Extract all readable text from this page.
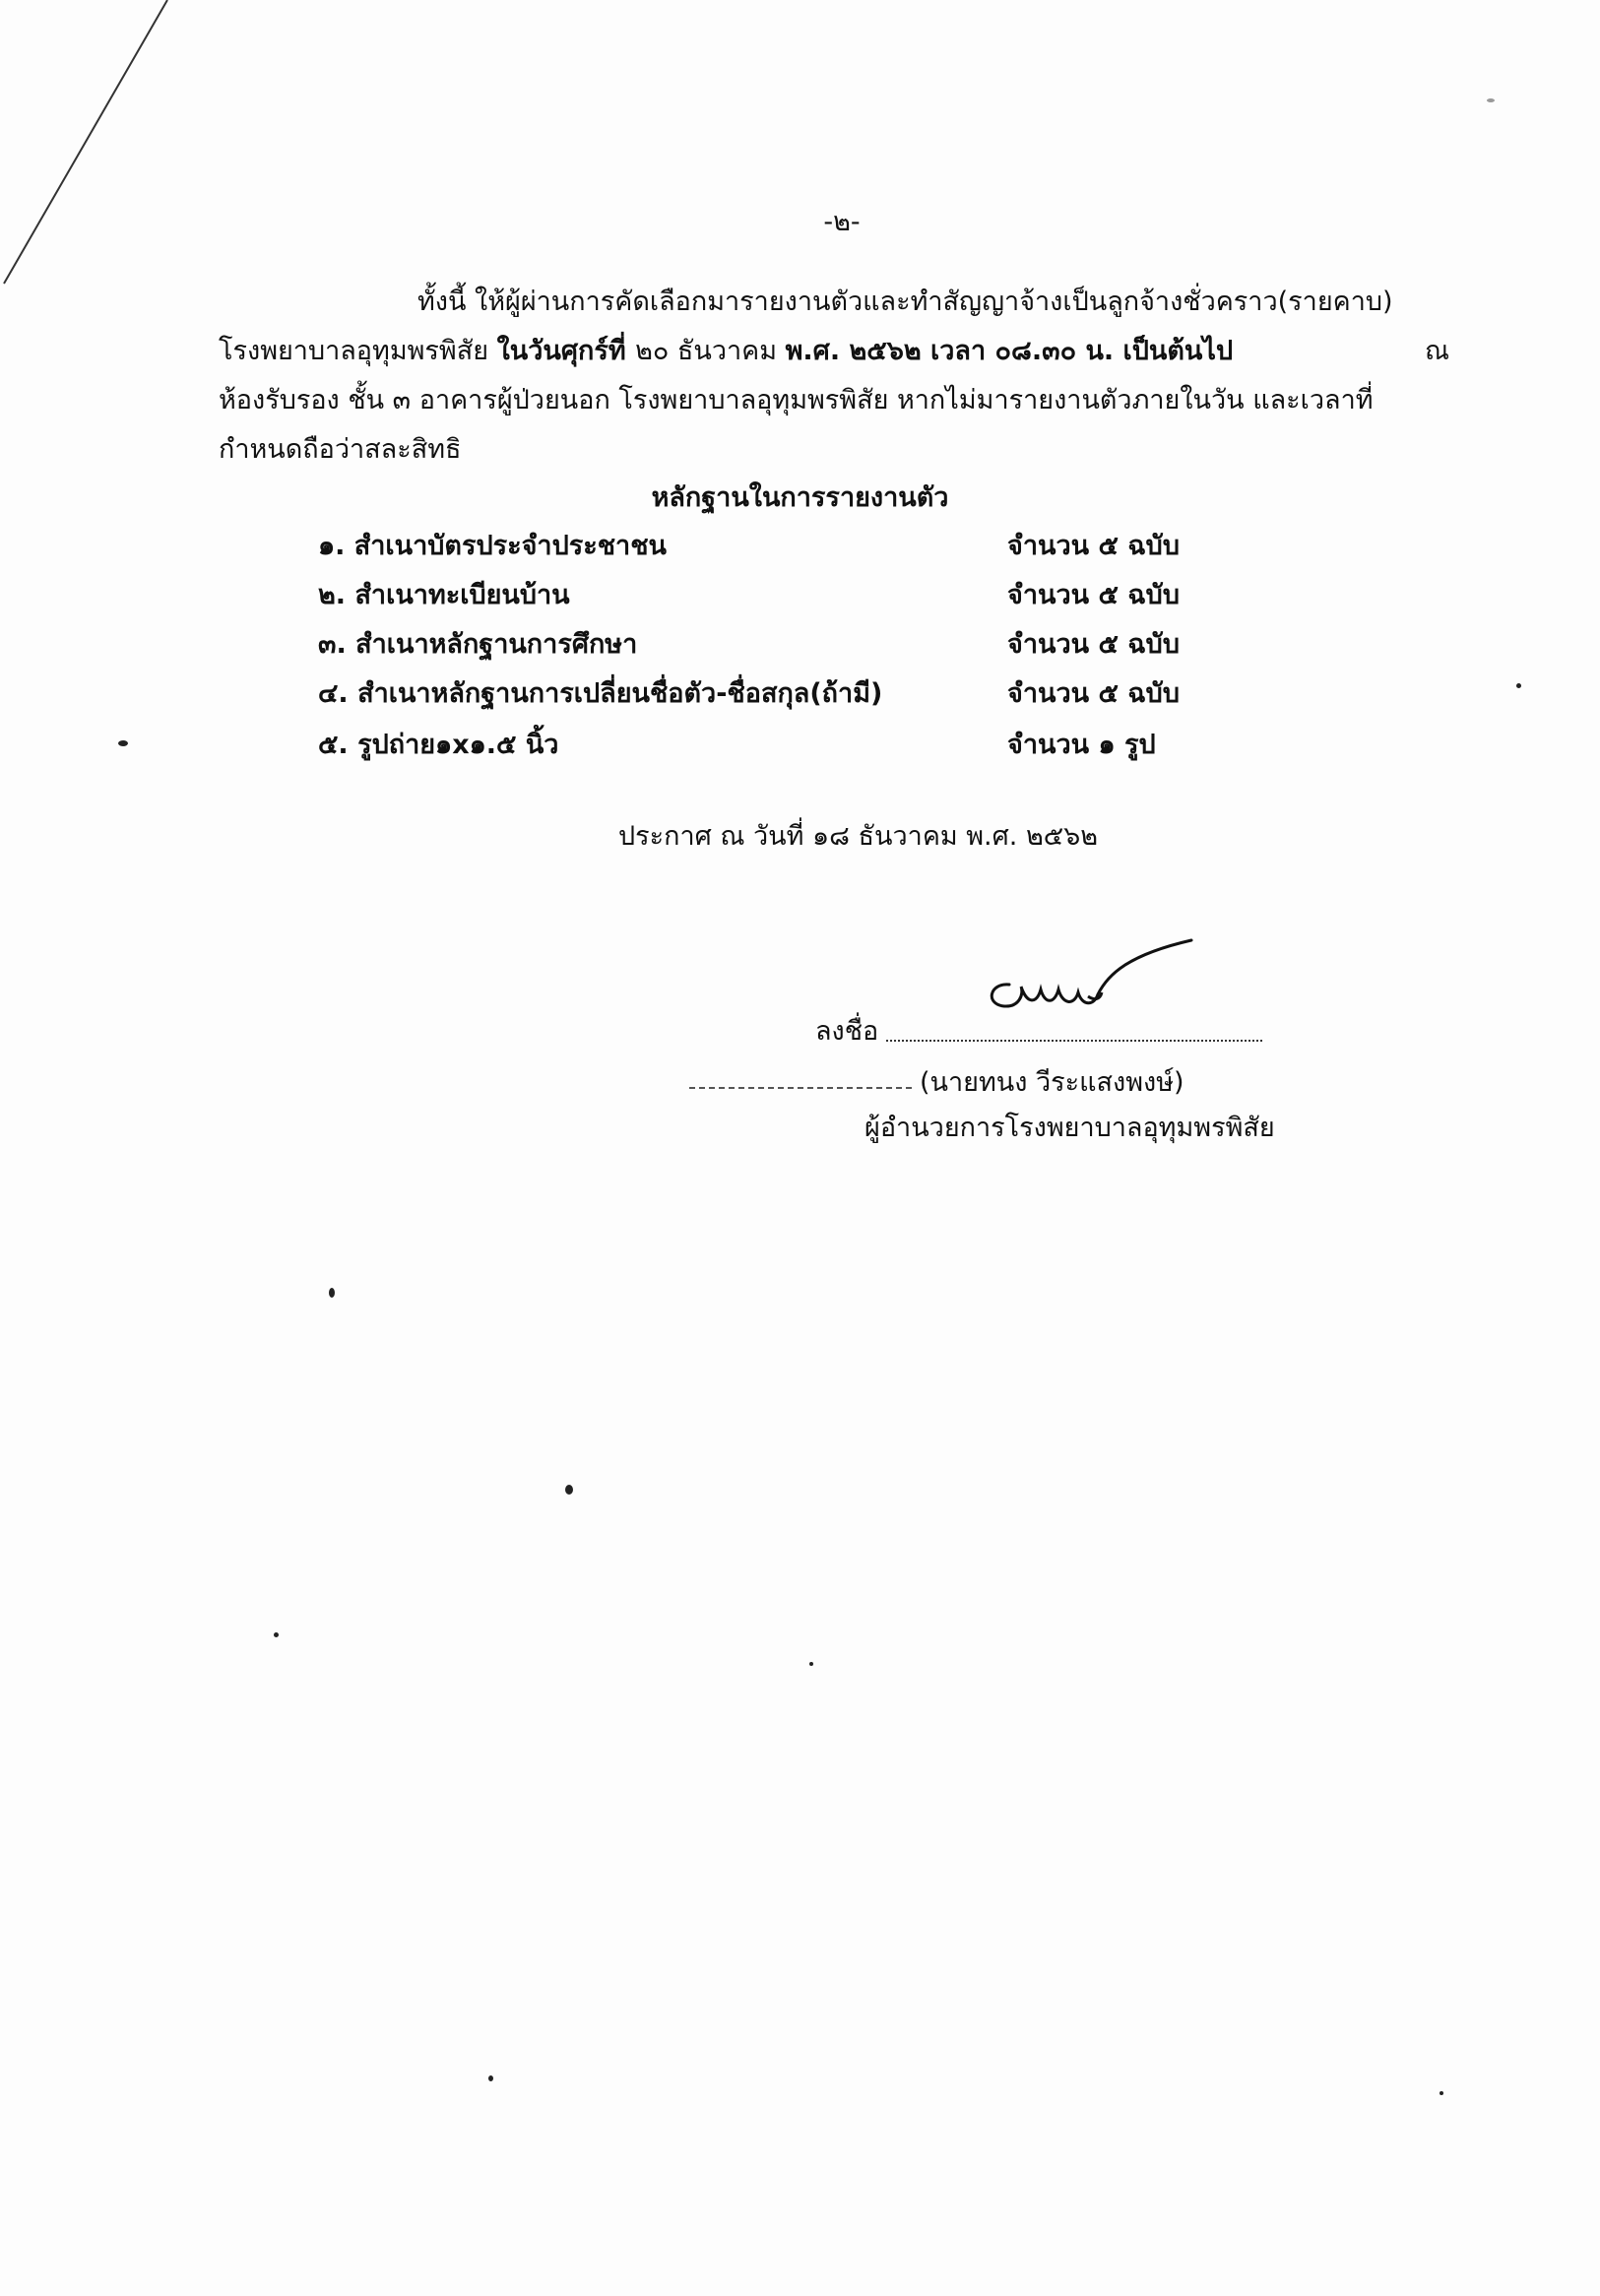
-๒-
ทั้งนี้ ให้ผู้ผ่านการคัดเลือกมารายงานตัวและทำสัญญาจ้างเป็นลูกจ้างชั่วคราว(รายคาบ)
โรงพยาบาลอุทุมพรพิสัย ในวันศุกร์ที่ ๒๐ ธันวาคม พ.ศ. ๒๕๖๒ เวลา ๐๘.๓๐ น. เป็นต้นไป	ณ
ห้องรับรอง ชั้น ๓ อาคารผู้ป่วยนอก โรงพยาบาลอุทุมพรพิสัย หากไม่มารายงานตัวภายในวัน และเวลาที่
กำหนดถือว่าสละสิทธิ
หลักฐานในการรายงานตัว
๑. สำเนาบัตรประจำประชาชน	จำนวน ๕ ฉบับ
๒. สำเนาทะเบียนบ้าน	จำนวน ๕ ฉบับ
๓. สำเนาหลักฐานการศึกษา	จำนวน ๕ ฉบับ
๔. สำเนาหลักฐานการเปลี่ยนชื่อตัว-ชื่อสกุล(ถ้ามี)	จำนวน ๕ ฉบับ
๕. รูปถ่าย๑x๑.๕ นิ้ว	จำนวน ๑ รูป
ประกาศ ณ วันที่ ๑๘ ธันวาคม พ.ศ. ๒๕๖๒
ลงชื่อ
(นายทนง วีระแสงพงษ์)
ผู้อำนวยการโรงพยาบาลอุทุมพรพิสัย
